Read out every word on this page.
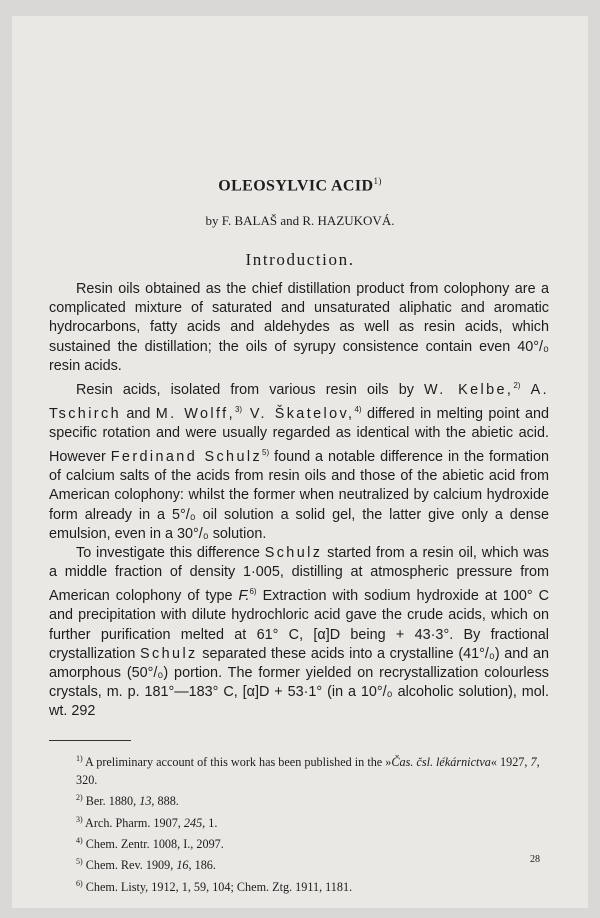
OLEOSYLVIC ACID$^{1)}$
by F. BALAŠ and R. HAZUKOVÁ.
Introduction.

Resin oils obtained as the chief distillation product from colophony are a complicated mixture of saturated and unsaturated aliphatic and aromatic hydrocarbons, fatty acids and aldehydes as well as resin acids, which sustained the distillation; the oils of syrupy consistence contain even 40°/₀ resin acids.

Resin acids, isolated from various resin oils by W. Kelbe,$^{2)}$ A. Tschirch and M. Wolff,$^{3)}$ V. Škatelov,$^{4)}$ differed in melting point and specific rotation and were usually regarded as identical with the abietic acid. However Ferdinand Schulz$^{5)}$ found a notable difference in the formation of calcium salts of the acids from resin oils and those of the abietic acid from American colophony: whilst the former when neutralized by calcium hydroxide form already in a 5°/₀ oil solution a solid gel, the latter give only a dense emulsion, even in a 30°/₀ solution.

To investigate this difference Schulz started from a resin oil, which was a middle fraction of density 1·005, distilling at atmospheric pressure from American colophony of type F.$^{6)}$ Extraction with sodium hydroxide at 100° C and precipitation with dilute hydrochloric acid gave the crude acids, which on further purification melted at 61° C, [α]D being + 43·3°. By fractional crystallization Schulz separated these acids into a crystalline (41°/₀) and an amorphous (50°/₀) portion. The former yielded on recrystallization colourless crystals, m. p. 181°—183° C, [α]D + 53·1° (in a 10°/₀ alcoholic solution), mol. wt. 292

$^{1)}$ A preliminary account of this work has been published in the »Čas. čsl. lékárnictva« 1927, 7, 320.

$^{2)}$ Ber. 1880, 13, 888.

$^{3)}$ Arch. Pharm. 1907, 245, 1.

$^{4)}$ Chem. Zentr. 1008, I., 2097.

$^{5)}$ Chem. Rev. 1909, 16, 186.

$^{6)}$ Chem. Listy, 1912, 1, 59, 104; Chem. Ztg. 1911, 1181.

28
